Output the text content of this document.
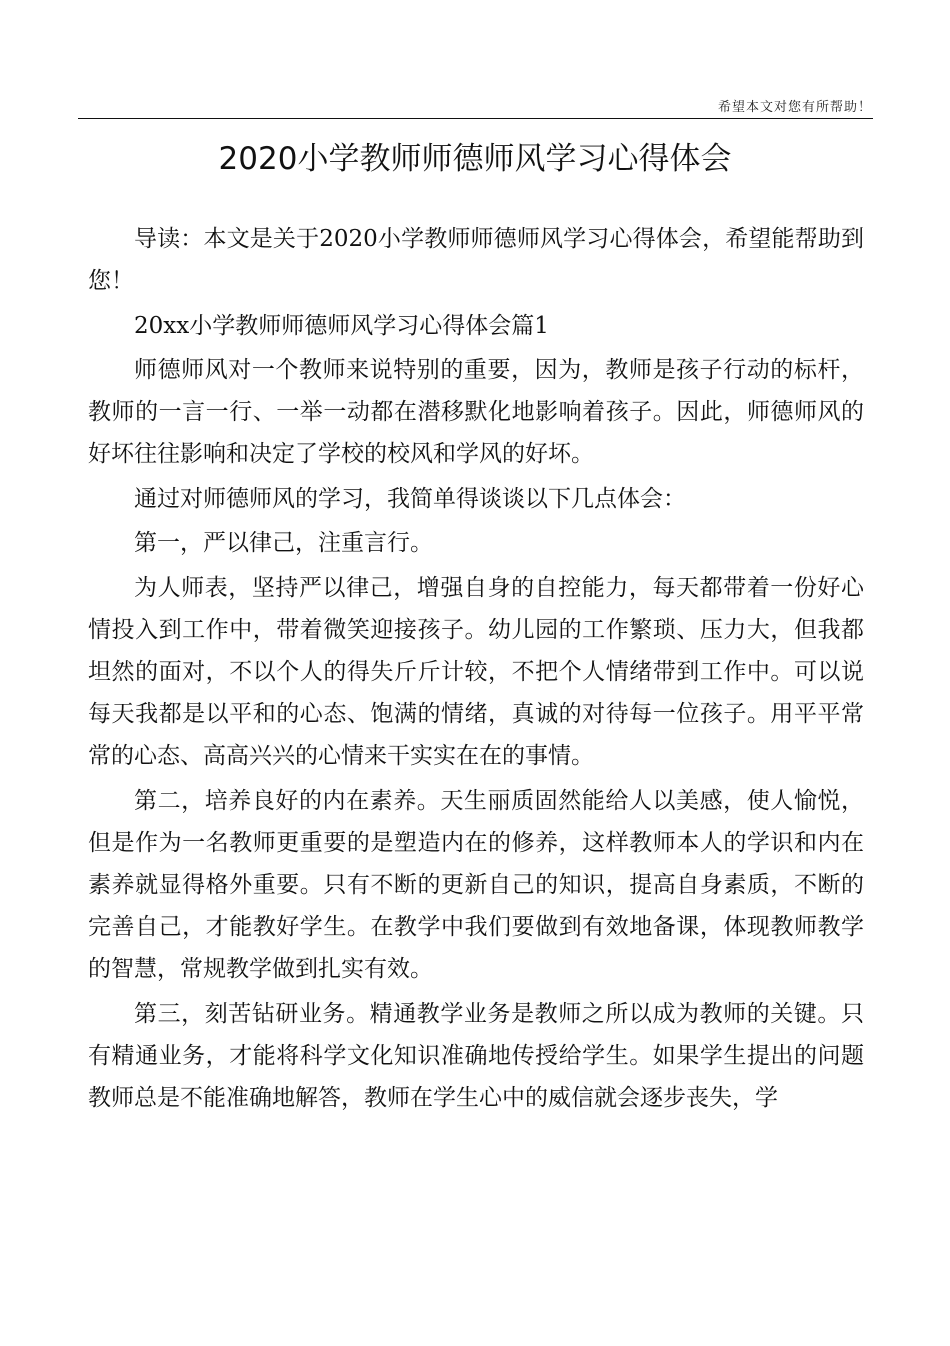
希望本文对您有所帮助！
2020小学教师师德师风学习心得体会

导读：本文是关于2020小学教师师德师风学习心得体会，希望能帮助到您！

20xx小学教师师德师风学习心得体会篇1

师德师风对一个教师来说特别的重要，因为，教师是孩子行动的标杆，教师的一言一行、一举一动都在潜移默化地影响着孩子。因此，师德师风的好坏往往影响和决定了学校的校风和学风的好坏。

通过对师德师风的学习，我简单得谈谈以下几点体会：

第一，严以律己，注重言行。

为人师表，坚持严以律己，增强自身的自控能力，每天都带着一份好心情投入到工作中，带着微笑迎接孩子。幼儿园的工作繁琐、压力大，但我都坦然的面对，不以个人的得失斤斤计较，不把个人情绪带到工作中。可以说每天我都是以平和的心态、饱满的情绪，真诚的对待每一位孩子。用平平常常的心态、高高兴兴的心情来干实实在在的事情。

第二，培养良好的内在素养。天生丽质固然能给人以美感，使人愉悦，但是作为一名教师更重要的是塑造内在的修养，这样教师本人的学识和内在素养就显得格外重要。只有不断的更新自己的知识，提高自身素质，不断的完善自己，才能教好学生。在教学中我们要做到有效地备课，体现教师教学的智慧，常规教学做到扎实有效。

第三，刻苦钻研业务。精通教学业务是教师之所以成为教师的关键。只有精通业务，才能将科学文化知识准确地传授给学生。如果学生提出的问题教师总是不能准确地解答，教师在学生心中的威信就会逐步丧失，学
